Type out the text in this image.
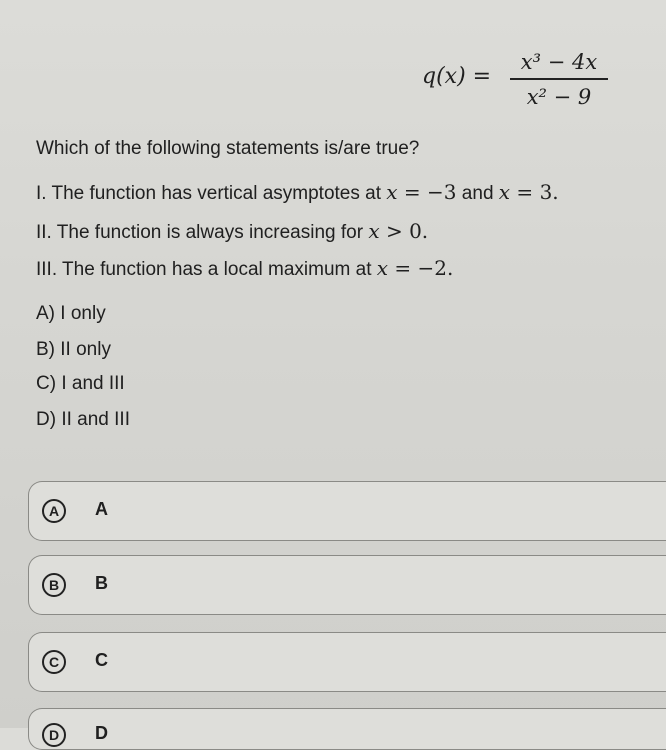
q(x) =
x³ − 4x
x² − 9
Which of the following statements is/are true?
I. The function has vertical asymptotes at x = −3 and x = 3.
II. The function is always increasing for x > 0.
III. The function has a local maximum at x = −2.
A) I only
B) II only
C) I and III
D) II and III
A	A
B	B
C	C
D	D
